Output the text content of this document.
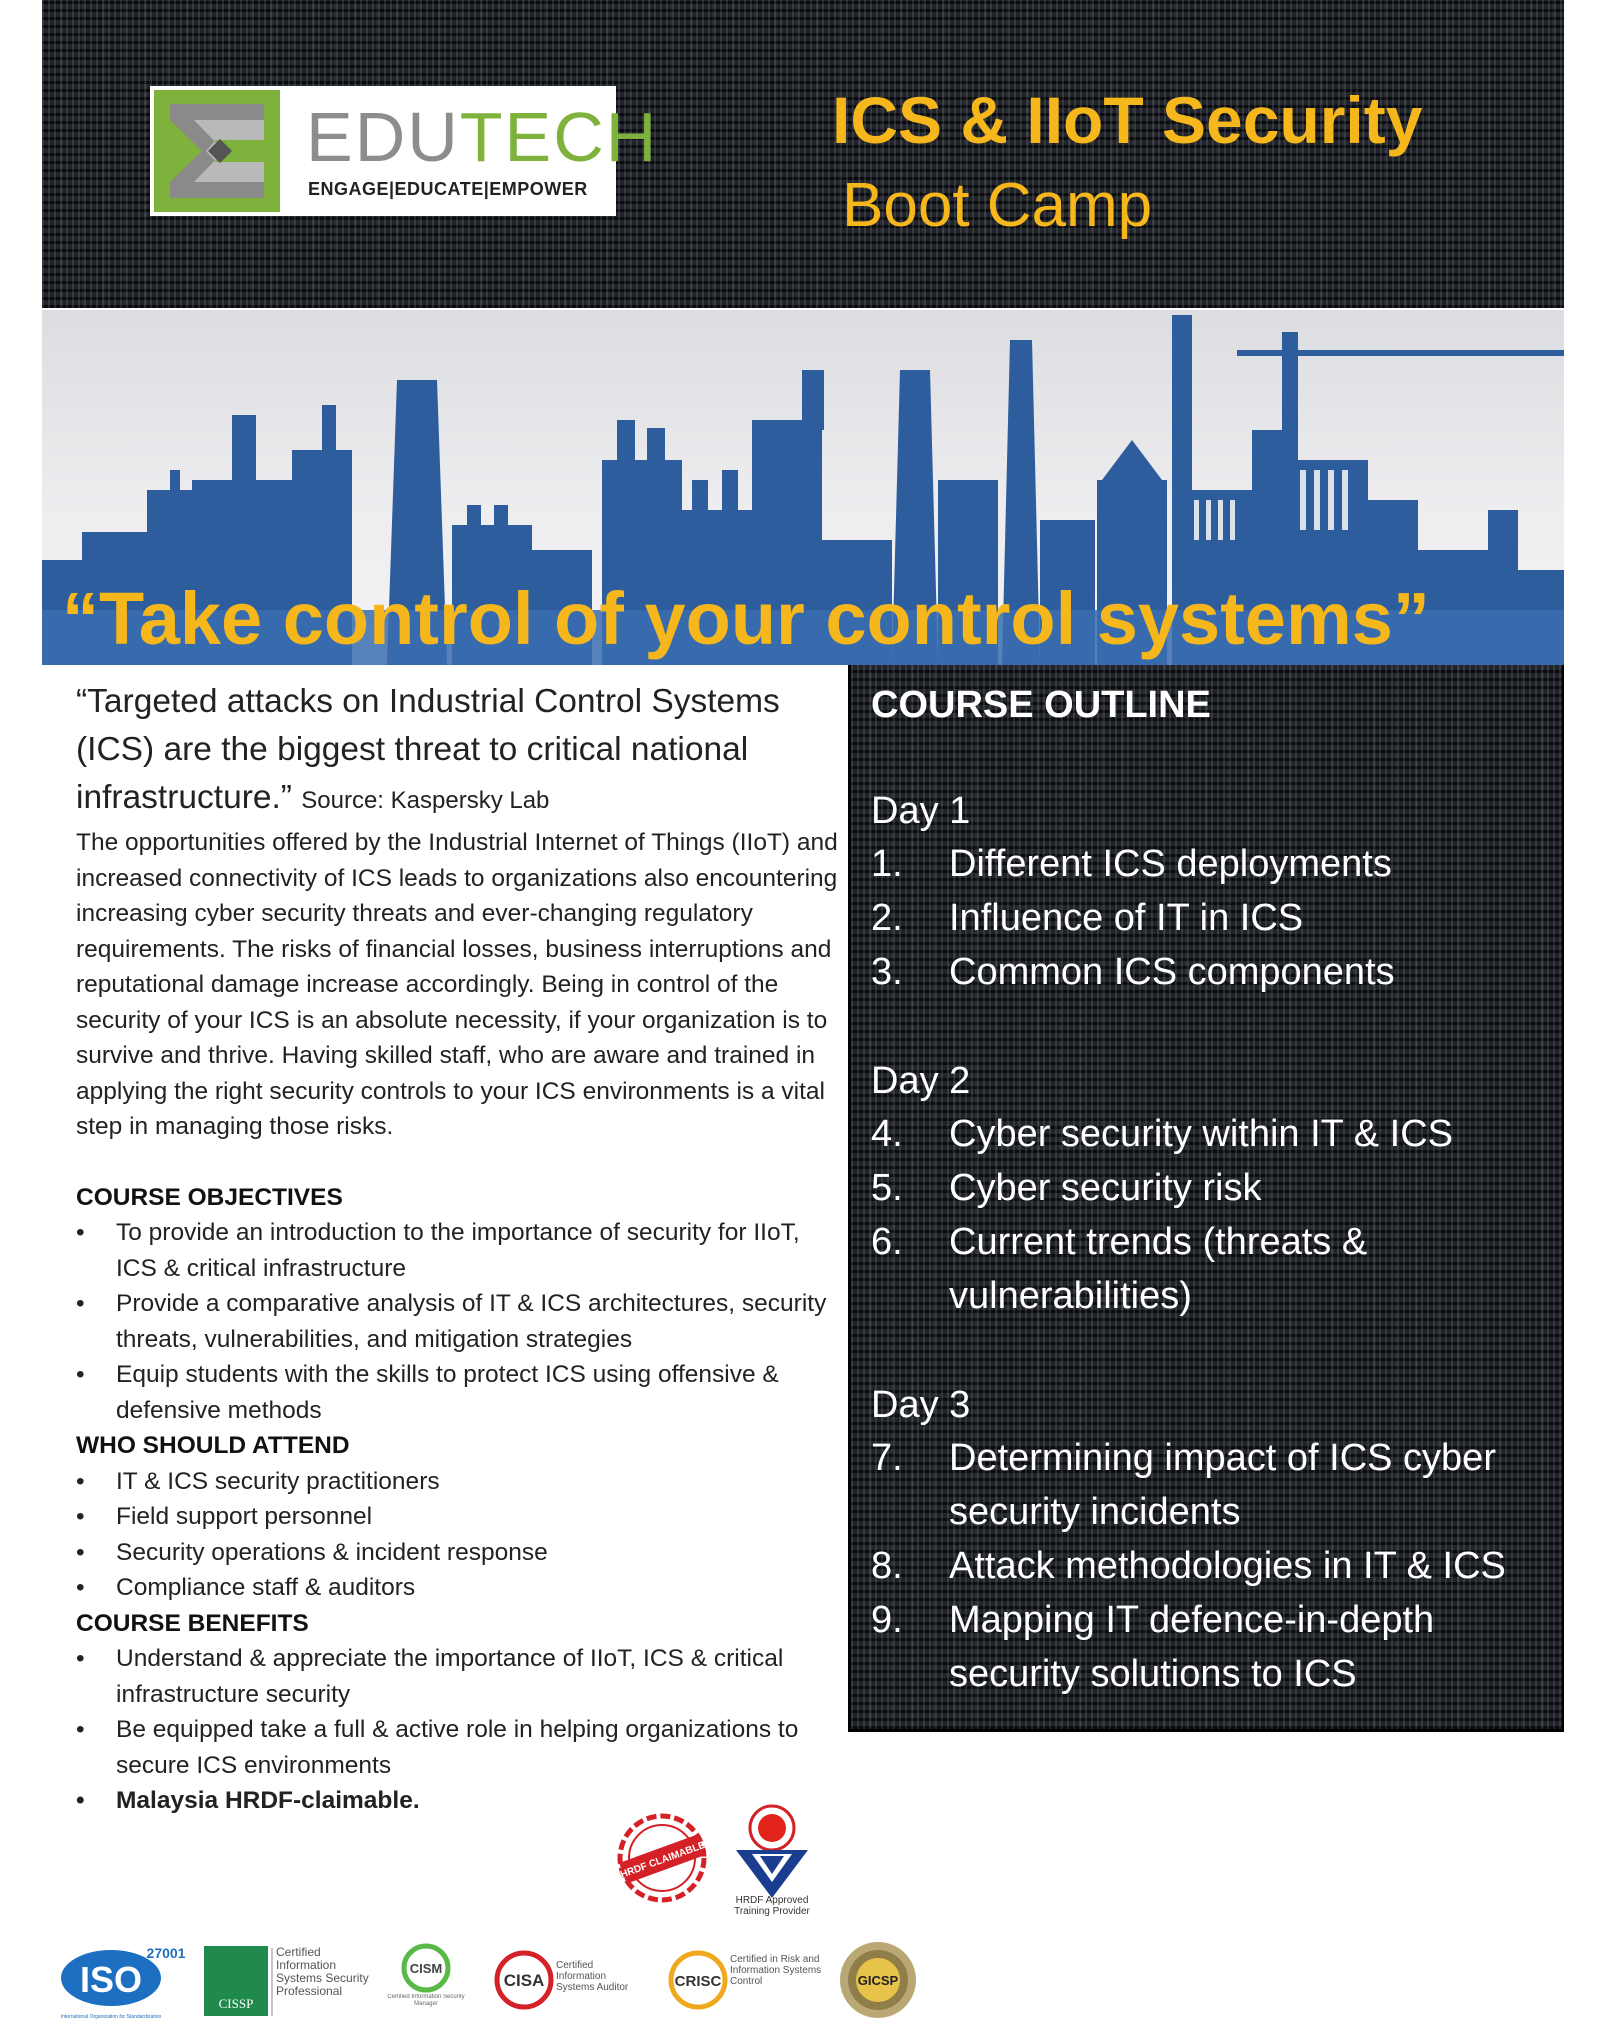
EDUTECH
ENGAGE|EDUCATE|EMPOWER
ICS & IIoT Security
Boot Camp
“Take control of your control systems”

“Targeted attacks on Industrial Control Systems (ICS) are the biggest threat to critical national infrastructure.” Source: Kaspersky Lab

The opportunities offered by the Industrial Internet of Things (IIoT) and increased connectivity of ICS leads to organizations also encountering increasing cyber security threats and ever-changing regulatory requirements. The risks of financial losses, business interruptions and reputational damage increase accordingly. Being in control of the security of your ICS is an absolute necessity, if your organization is to survive and thrive. Having skilled staff, who are aware and trained in applying the right security controls to your ICS environments is a vital step in managing those risks.

COURSE OBJECTIVES
• To provide an introduction to the importance of security for IIoT, ICS & critical infrastructure
• Provide a comparative analysis of IT & ICS architectures, security threats, vulnerabilities, and mitigation strategies
• Equip students with the skills to protect ICS using offensive & defensive methods
WHO SHOULD ATTEND
• IT & ICS security practitioners
• Field support personnel
• Security operations & incident response
• Compliance staff & auditors
COURSE BENEFITS
• Understand & appreciate the importance of IIoT, ICS & critical infrastructure security
• Be equipped take a full & active role in helping organizations to secure ICS environments
• Malaysia HRDF-claimable.
COURSE OUTLINE
Day 1
1. Different ICS deployments
2. Influence of IT in ICS
3. Common ICS components
Day 2
4. Cyber security within IT & ICS
5. Cyber security risk
6. Current trends (threats & vulnerabilities)
Day 3
7. Determining impact of ICS cyber security incidents
8. Attack methodologies in IT & ICS
9. Mapping IT defence-in-depth security solutions to ICS
HRDF CLAIMABLE
HRDF Approved Training Provider
ISO
27001
International Organization for Standardization
CISSP
Certified Information Systems Security Professional
CISM
Certified Information Security Manager
CISA
Certified Information Systems Auditor	CRISC
Certified in Risk and Information Systems Control	GICSP
